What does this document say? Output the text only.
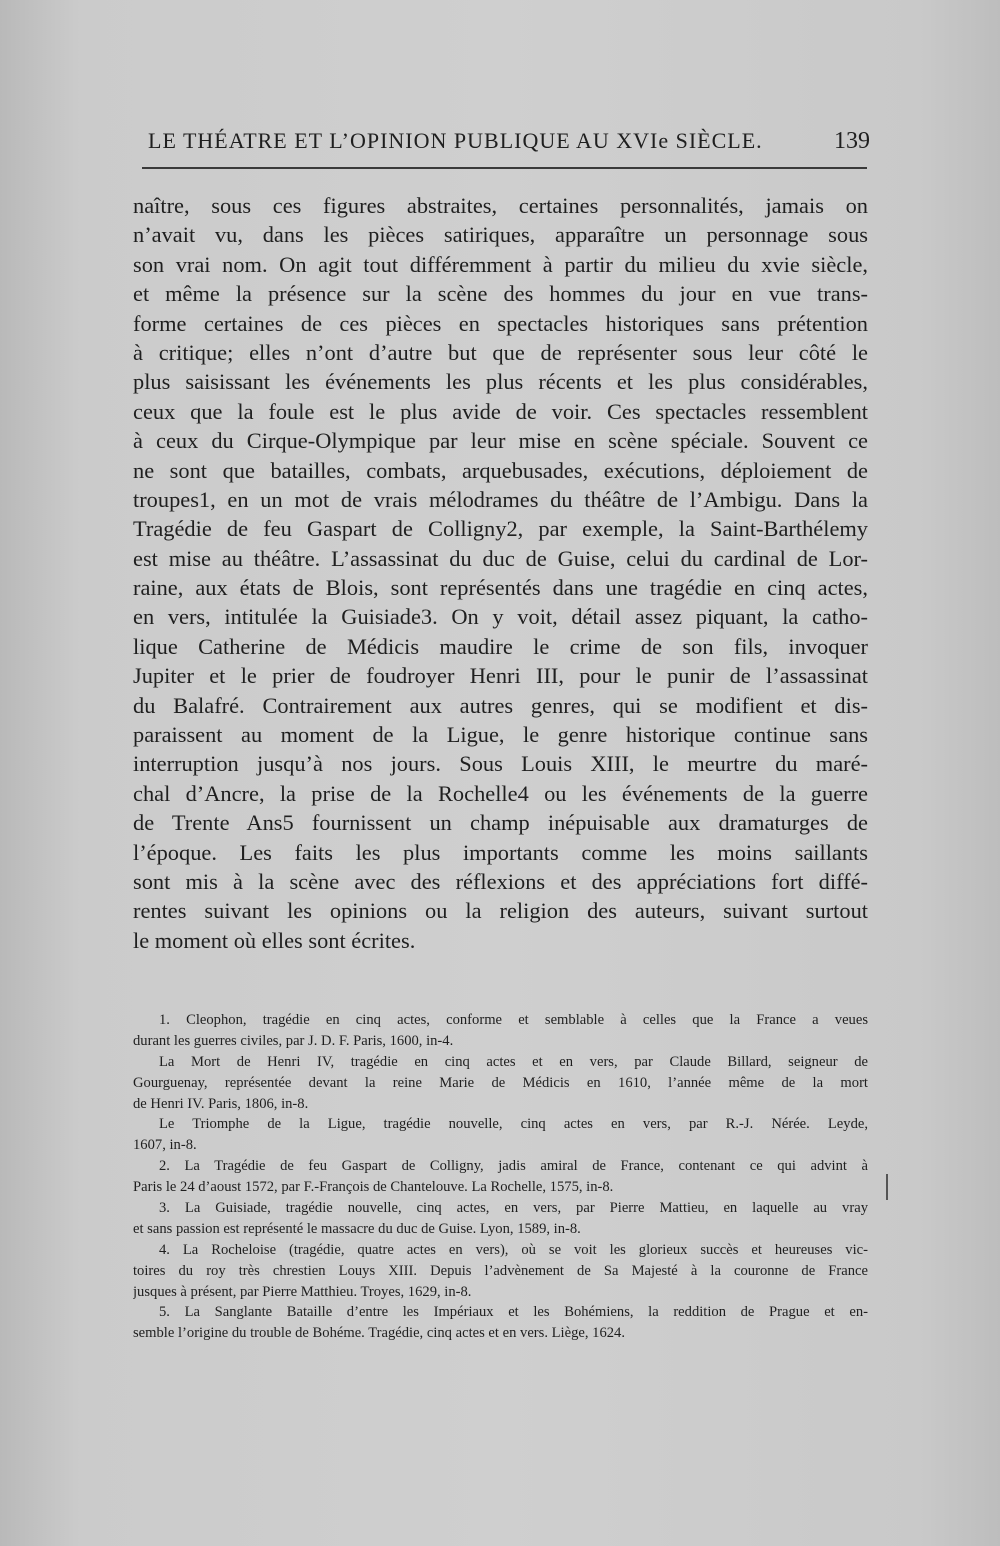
LE THÉATRE ET L’OPINION PUBLIQUE AU XVIe SIÈCLE.	139
naître, sous ces figures abstraites, certaines personnalités, jamais on
n’avait vu, dans les pièces satiriques, apparaître un personnage sous
son vrai nom. On agit tout différemment à partir du milieu du xvie siècle,
et même la présence sur la scène des hommes du jour en vue trans-
forme certaines de ces pièces en spectacles historiques sans prétention
à critique; elles n’ont d’autre but que de représenter sous leur côté le
plus saisissant les événements les plus récents et les plus considérables,
ceux que la foule est le plus avide de voir. Ces spectacles ressemblent
à ceux du Cirque-Olympique par leur mise en scène spéciale. Souvent ce
ne sont que batailles, combats, arquebusades, exécutions, déploiement de
troupes1, en un mot de vrais mélodrames du théâtre de l’Ambigu. Dans la
Tragédie de feu Gaspart de Colligny2, par exemple, la Saint-Barthélemy
est mise au théâtre. L’assassinat du duc de Guise, celui du cardinal de Lor-
raine, aux états de Blois, sont représentés dans une tragédie en cinq actes,
en vers, intitulée la Guisiade3. On y voit, détail assez piquant, la catho-
lique Catherine de Médicis maudire le crime de son fils, invoquer
Jupiter et le prier de foudroyer Henri III, pour le punir de l’assassinat
du Balafré. Contrairement aux autres genres, qui se modifient et dis-
paraissent au moment de la Ligue, le genre historique continue sans
interruption jusqu’à nos jours. Sous Louis XIII, le meurtre du maré-
chal d’Ancre, la prise de la Rochelle4 ou les événements de la guerre
de Trente Ans5 fournissent un champ inépuisable aux dramaturges de
l’époque. Les faits les plus importants comme les moins saillants
sont mis à la scène avec des réflexions et des appréciations fort diffé-
rentes suivant les opinions ou la religion des auteurs, suivant surtout
le moment où elles sont écrites.
1. Cleophon, tragédie en cinq actes, conforme et semblable à celles que la France a veues
durant les guerres civiles, par J. D. F. Paris, 1600, in-4.
La Mort de Henri IV, tragédie en cinq actes et en vers, par Claude Billard, seigneur de
Gourguenay, représentée devant la reine Marie de Médicis en 1610, l’année même de la mort
de Henri IV. Paris, 1806, in-8.
Le Triomphe de la Ligue, tragédie nouvelle, cinq actes en vers, par R.-J. Nérée. Leyde,
1607, in-8.
2. La Tragédie de feu Gaspart de Colligny, jadis amiral de France, contenant ce qui advint à
Paris le 24 d’aoust 1572, par F.-François de Chantelouve. La Rochelle, 1575, in-8.
3. La Guisiade, tragédie nouvelle, cinq actes, en vers, par Pierre Mattieu, en laquelle au vray
et sans passion est représenté le massacre du duc de Guise. Lyon, 1589, in-8.
4. La Rocheloise (tragédie, quatre actes en vers), où se voit les glorieux succès et heureuses vic-
toires du roy très chrestien Louys XIII. Depuis l’advènement de Sa Majesté à la couronne de France
jusques à présent, par Pierre Matthieu. Troyes, 1629, in-8.
5. La Sanglante Bataille d’entre les Impériaux et les Bohémiens, la reddition de Prague et en-
semble l’origine du trouble de Bohéme. Tragédie, cinq actes et en vers. Liège, 1624.
